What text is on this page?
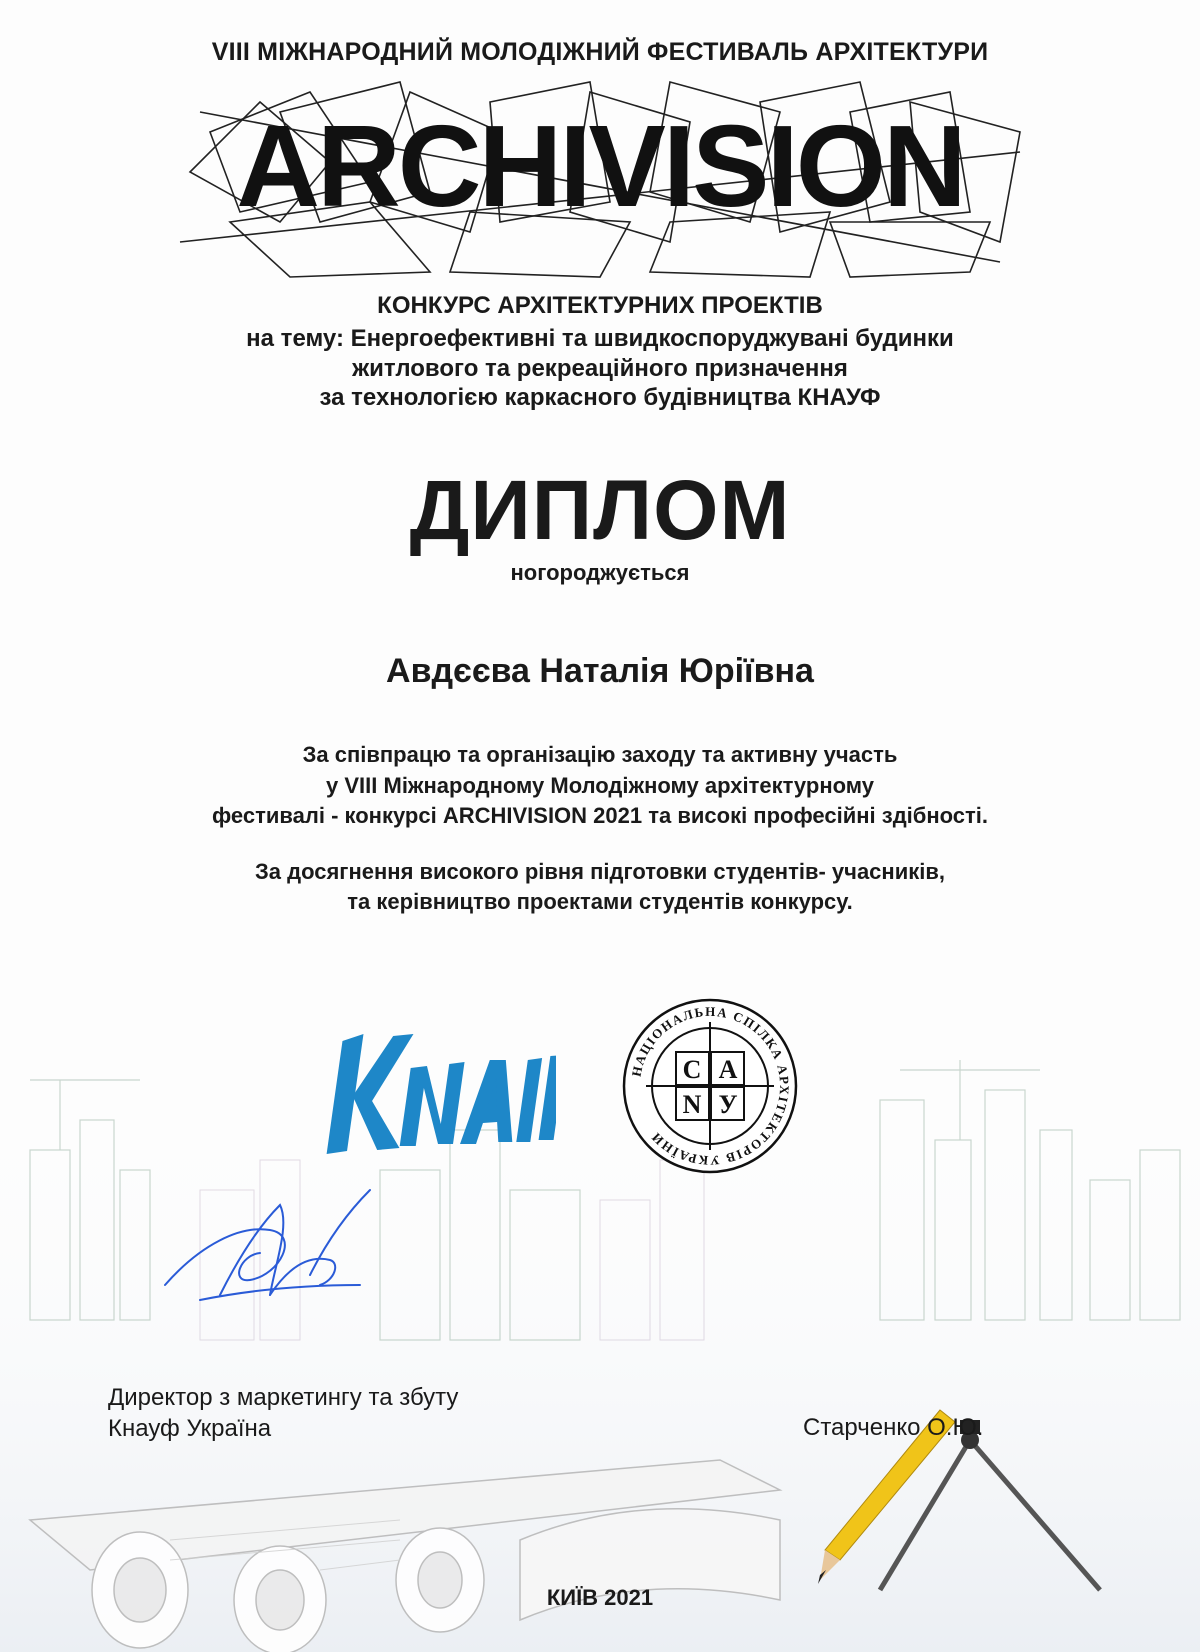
VIII МІЖНАРОДНИЙ МОЛОДІЖНИЙ ФЕСТИВАЛЬ АРХІТЕКТУРИ
ARCHIVISION
КОНКУРС АРХІТЕКТУРНИХ ПРОЕКТІВ
на тему: Енергоефективні та швидкоспоруджувані будинки
житлового та рекреаційного призначення
за технологією каркасного будівництва КНАУФ
ДИПЛОМ
ногороджується
Авдєєва Наталія Юріївна
За співпрацю та організацію заходу та активну участь
у VIII Міжнародному Молодіжному архітектурному
фестивалі - конкурсі ARCHIVISION 2021 та високі професійні здібності.
За досягнення високого рівня підготовки студентів- учасників,
та керівництво проектами студентів конкурсу.
НАЦІОНАЛЬНА СПІЛКА АРХІТЕКТОРІВ УКРАЇНИ
С А
N У
Директор з маркетингу та збуту
Кнауф Україна	Старченко О.Ю.
КИЇВ 2021
